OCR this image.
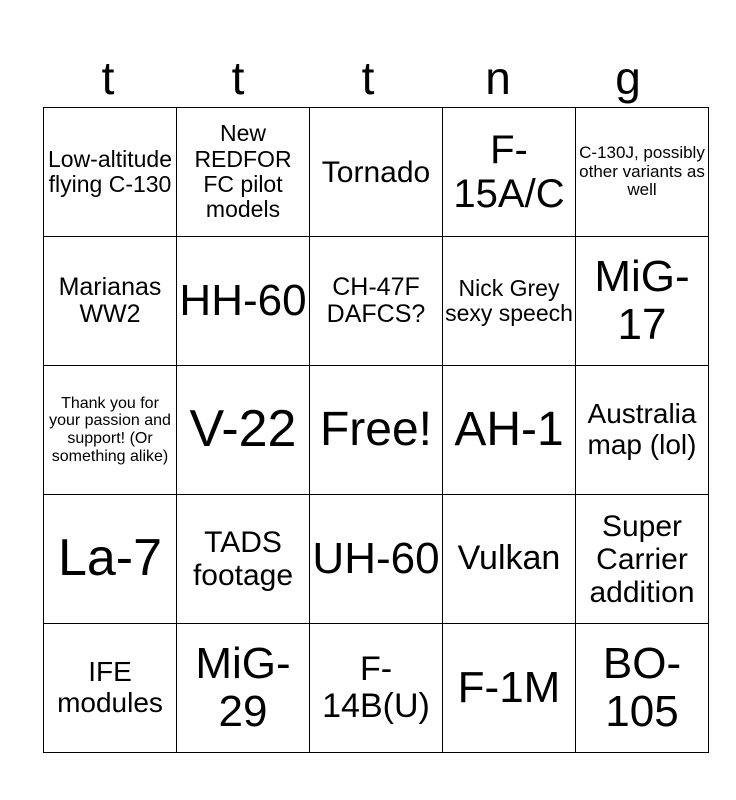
t	t	t	n	g
Low-altitude flying C-130	New REDFOR FC pilot models	Tornado	F-15A/C	C-130J, possibly other variants as well
Marianas WW2	HH-60	CH-47F DAFCS?	Nick Grey sexy speech	MiG-17
Thank you for your passion and support! (Or something alike)	V-22	Free!	AH-1	Australia map (lol)
La-7	TADS footage	UH-60	Vulkan	Super Carrier addition
IFE modules	MiG-29	F-14B(U)	F-1M	BO-105
